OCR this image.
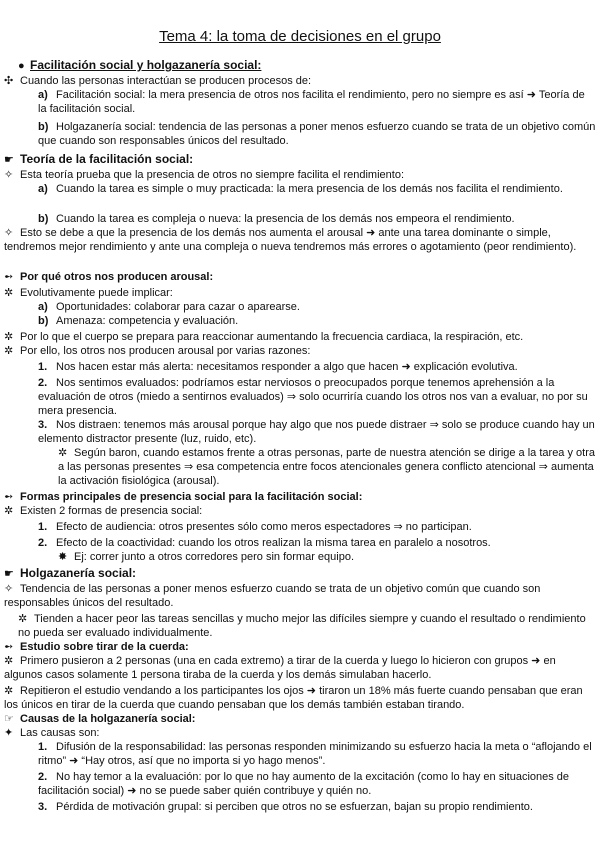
Tema 4: la toma de decisiones en el grupo
● Facilitación social y holgazanería social:
✣ Cuando las personas interactúan se producen procesos de:
a) Facilitación social: la mera presencia de otros nos facilita el rendimiento, pero no siempre es así ➜ Teoría de la facilitación social.
b) Holgazanería social: tendencia de las personas a poner menos esfuerzo cuando se trata de un objetivo común que cuando son responsables únicos del resultado.
☛ Teoría de la facilitación social:
✧ Esta teoría prueba que la presencia de otros no siempre facilita el rendimiento:
a) Cuando la tarea es simple o muy practicada: la mera presencia de los demás nos facilita el rendimiento.
b) Cuando la tarea es compleja o nueva: la presencia de los demás nos empeora el rendimiento.
✧ Esto se debe a que la presencia de los demás nos aumenta el arousal ➜ ante una tarea dominante o simple, tendremos mejor rendimiento y ante una compleja o nueva tendremos más errores o agotamiento (peor rendimiento).
➻ Por qué otros nos producen arousal:
✲ Evolutivamente puede implicar:
a) Oportunidades: colaborar para cazar o aparearse.
b) Amenaza: competencia y evaluación.
✲ Por lo que el cuerpo se prepara para reaccionar aumentando la frecuencia cardiaca, la respiración, etc.
✲ Por ello, los otros nos producen arousal por varias razones:
1. Nos hacen estar más alerta: necesitamos responder a algo que hacen ➜ explicación evolutiva.
2. Nos sentimos evaluados: podríamos estar nerviosos o preocupados porque tenemos aprehensión a la evaluación de otros (miedo a sentirnos evaluados) ⇒ solo ocurriría cuando los otros nos van a evaluar, no por su mera presencia.
3. Nos distraen: tenemos más arousal porque hay algo que nos puede distraer ⇒ solo se produce cuando hay un elemento distractor presente (luz, ruido, etc).
✲ Según baron, cuando estamos frente a otras personas, parte de nuestra atención se dirige a la tarea y otra a las personas presentes ⇒ esa competencia entre focos atencionales genera conflicto atencional ⇒ aumenta la activación fisiológica (arousal).
➻ Formas principales de presencia social para la facilitación social:
✲ Existen 2 formas de presencia social:
1. Efecto de audiencia: otros presentes sólo como meros espectadores ⇒ no participan.
2. Efecto de la coactividad: cuando los otros realizan la misma tarea en paralelo a nosotros.
✸ Ej: correr junto a otros corredores pero sin formar equipo.
☛ Holgazanería social:
✧ Tendencia de las personas a poner menos esfuerzo cuando se trata de un objetivo común que cuando son responsables únicos del resultado.
✲ Tienden a hacer peor las tareas sencillas y mucho mejor las difíciles siempre y cuando el resultado o rendimiento no pueda ser evaluado individualmente.
➻ Estudio sobre tirar de la cuerda:
✲ Primero pusieron a 2 personas (una en cada extremo) a tirar de la cuerda y luego lo hicieron con grupos ➜ en algunos casos solamente 1 persona tiraba de la cuerda y los demás simulaban hacerlo.
✲ Repitieron el estudio vendando a los participantes los ojos ➜ tiraron un 18% más fuerte cuando pensaban que eran los únicos en tirar de la cuerda que cuando pensaban que los demás también estaban tirando.
☞ Causas de la holgazanería social:
✦ Las causas son:
1. Difusión de la responsabilidad: las personas responden minimizando su esfuerzo hacia la meta o “aflojando el ritmo” ➜ “Hay otros, así que no importa si yo hago menos”.
2. No hay temor a la evaluación: por lo que no hay aumento de la excitación (como lo hay en situaciones de facilitación social) ➜ no se puede saber quién contribuye y quién no.
3. Pérdida de motivación grupal: si perciben que otros no se esfuerzan, bajan su propio rendimiento.
